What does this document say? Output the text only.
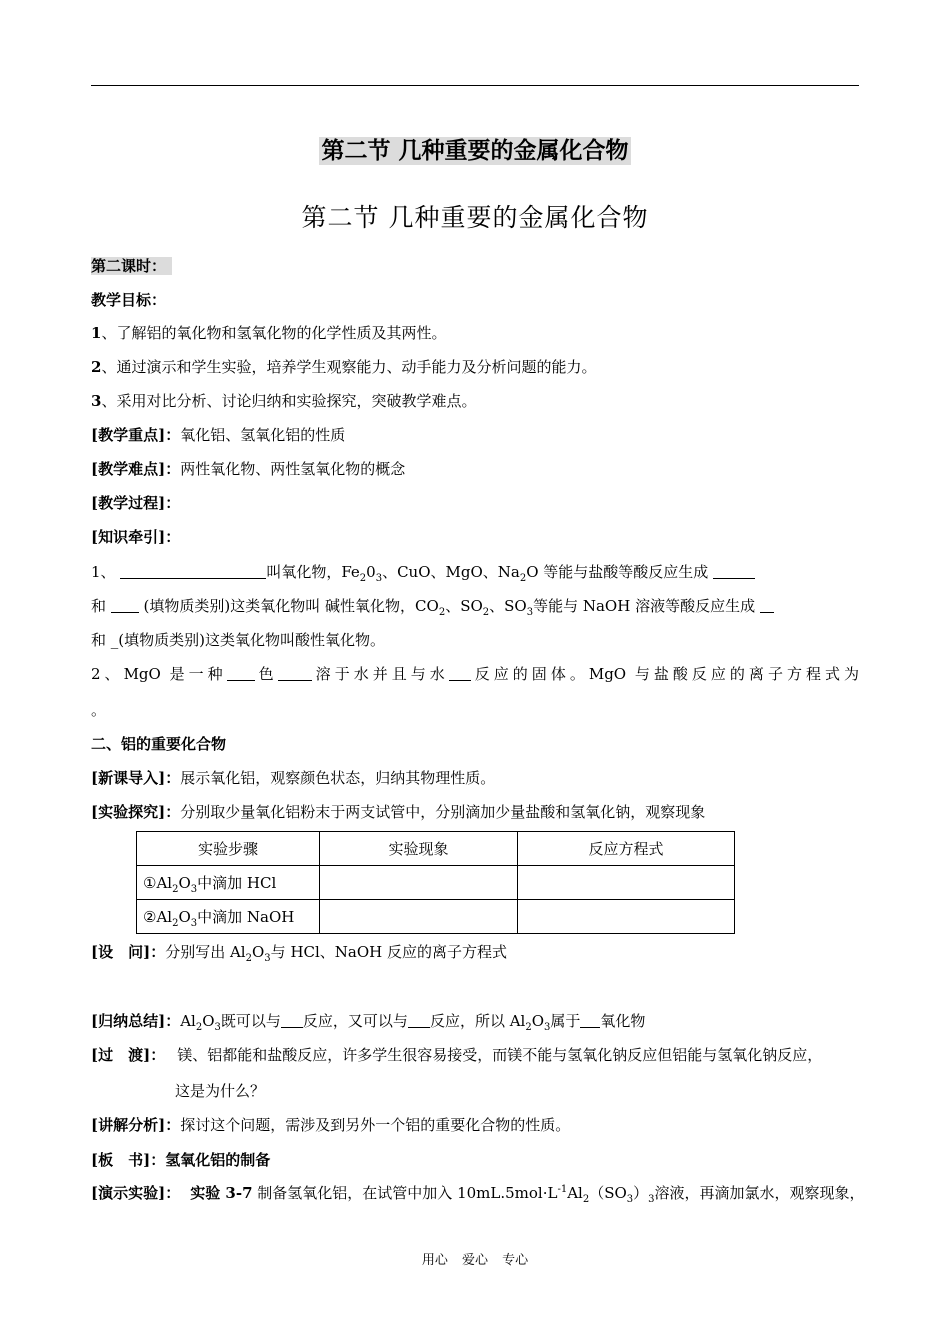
第二节 几种重要的金属化合物
第二节 几种重要的金属化合物
第二课时：
教学目标：
1、了解铝的氧化物和氢氧化物的化学性质及其两性。
2、通过演示和学生实验，培养学生观察能力、动手能力及分析问题的能力。
3、采用对比分析、讨论归纳和实验探究，突破教学难点。
[教学重点]：氧化铝、氢氧化铝的性质
[教学难点]：两性氧化物、两性氢氧化物的概念
[教学过程]：
[知识牵引]：
1、	叫氧化物，$Fe_20_3$、CuO、MgO、$Na_2O$ 等能与盐酸等酸反应生成
和  (填物质类别)这类氧化物叫 碱性氧化物，$CO_2$、$SO_2$、$SO_3$等能与 NaOH 溶液等酸反应生成
和 _(填物质类别)这类氧化物叫酸性氧化物。
2、MgO 是一种 色 溶于水并且与水 反应的固体。MgO 与盐酸反应的离子方程式为
。
二、铝的重要化合物
[新课导入]：展示氧化铝，观察颜色状态，归纳其物理性质。
[实验探究]：分别取少量氧化铝粉末于两支试管中，分别滴加少量盐酸和氢氧化钠，观察现象
实验步骤	实验现象	反应方程式
$①Al_2O_3$中滴加 HCl		
$②Al_2O_3$中滴加 NaOH		
[设　问]：分别写出 $Al_2O_3$与 HCl、NaOH 反应的离子方程式
[归纳总结]：$Al_2O_3$既可以与 反应，又可以与 反应，所以 $Al_2O_3$属于 氧化物
[过　渡]： 镁、铝都能和盐酸反应，许多学生很容易接受，而镁不能与氢氧化钠反应但铝能与氢氧化钠反应，
这是为什么？
[讲解分析]：探讨这个问题，需涉及到另外一个铝的重要化合物的性质。
[板　书]：氢氧化铝的制备
[演示实验]： 实验 3-7 制备氢氧化铝，在试管中加入 $10mL.5mol\cdot L^{-1}Al_2(SO_3)_3$溶液，再滴加氯水，观察现象，
用心 爱心 专心
